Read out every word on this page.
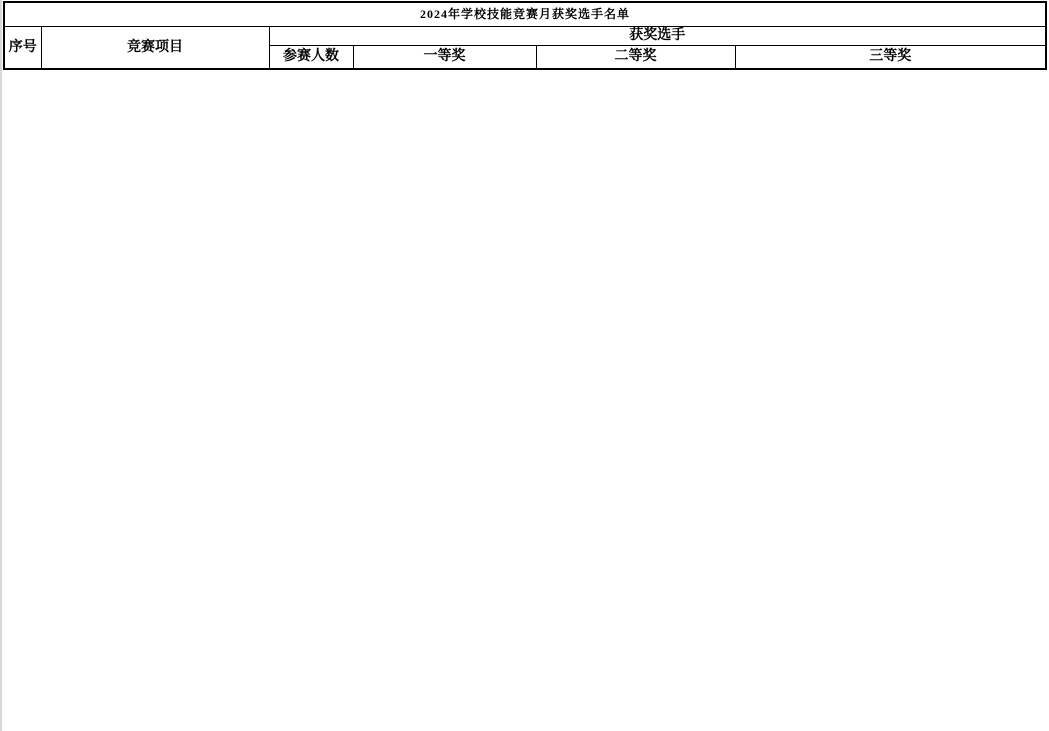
2024年学校技能竞赛月获奖选手名单					
序号	竞赛项目	获奖选手			
		参赛人数	一等奖	二等奖	三等奖
